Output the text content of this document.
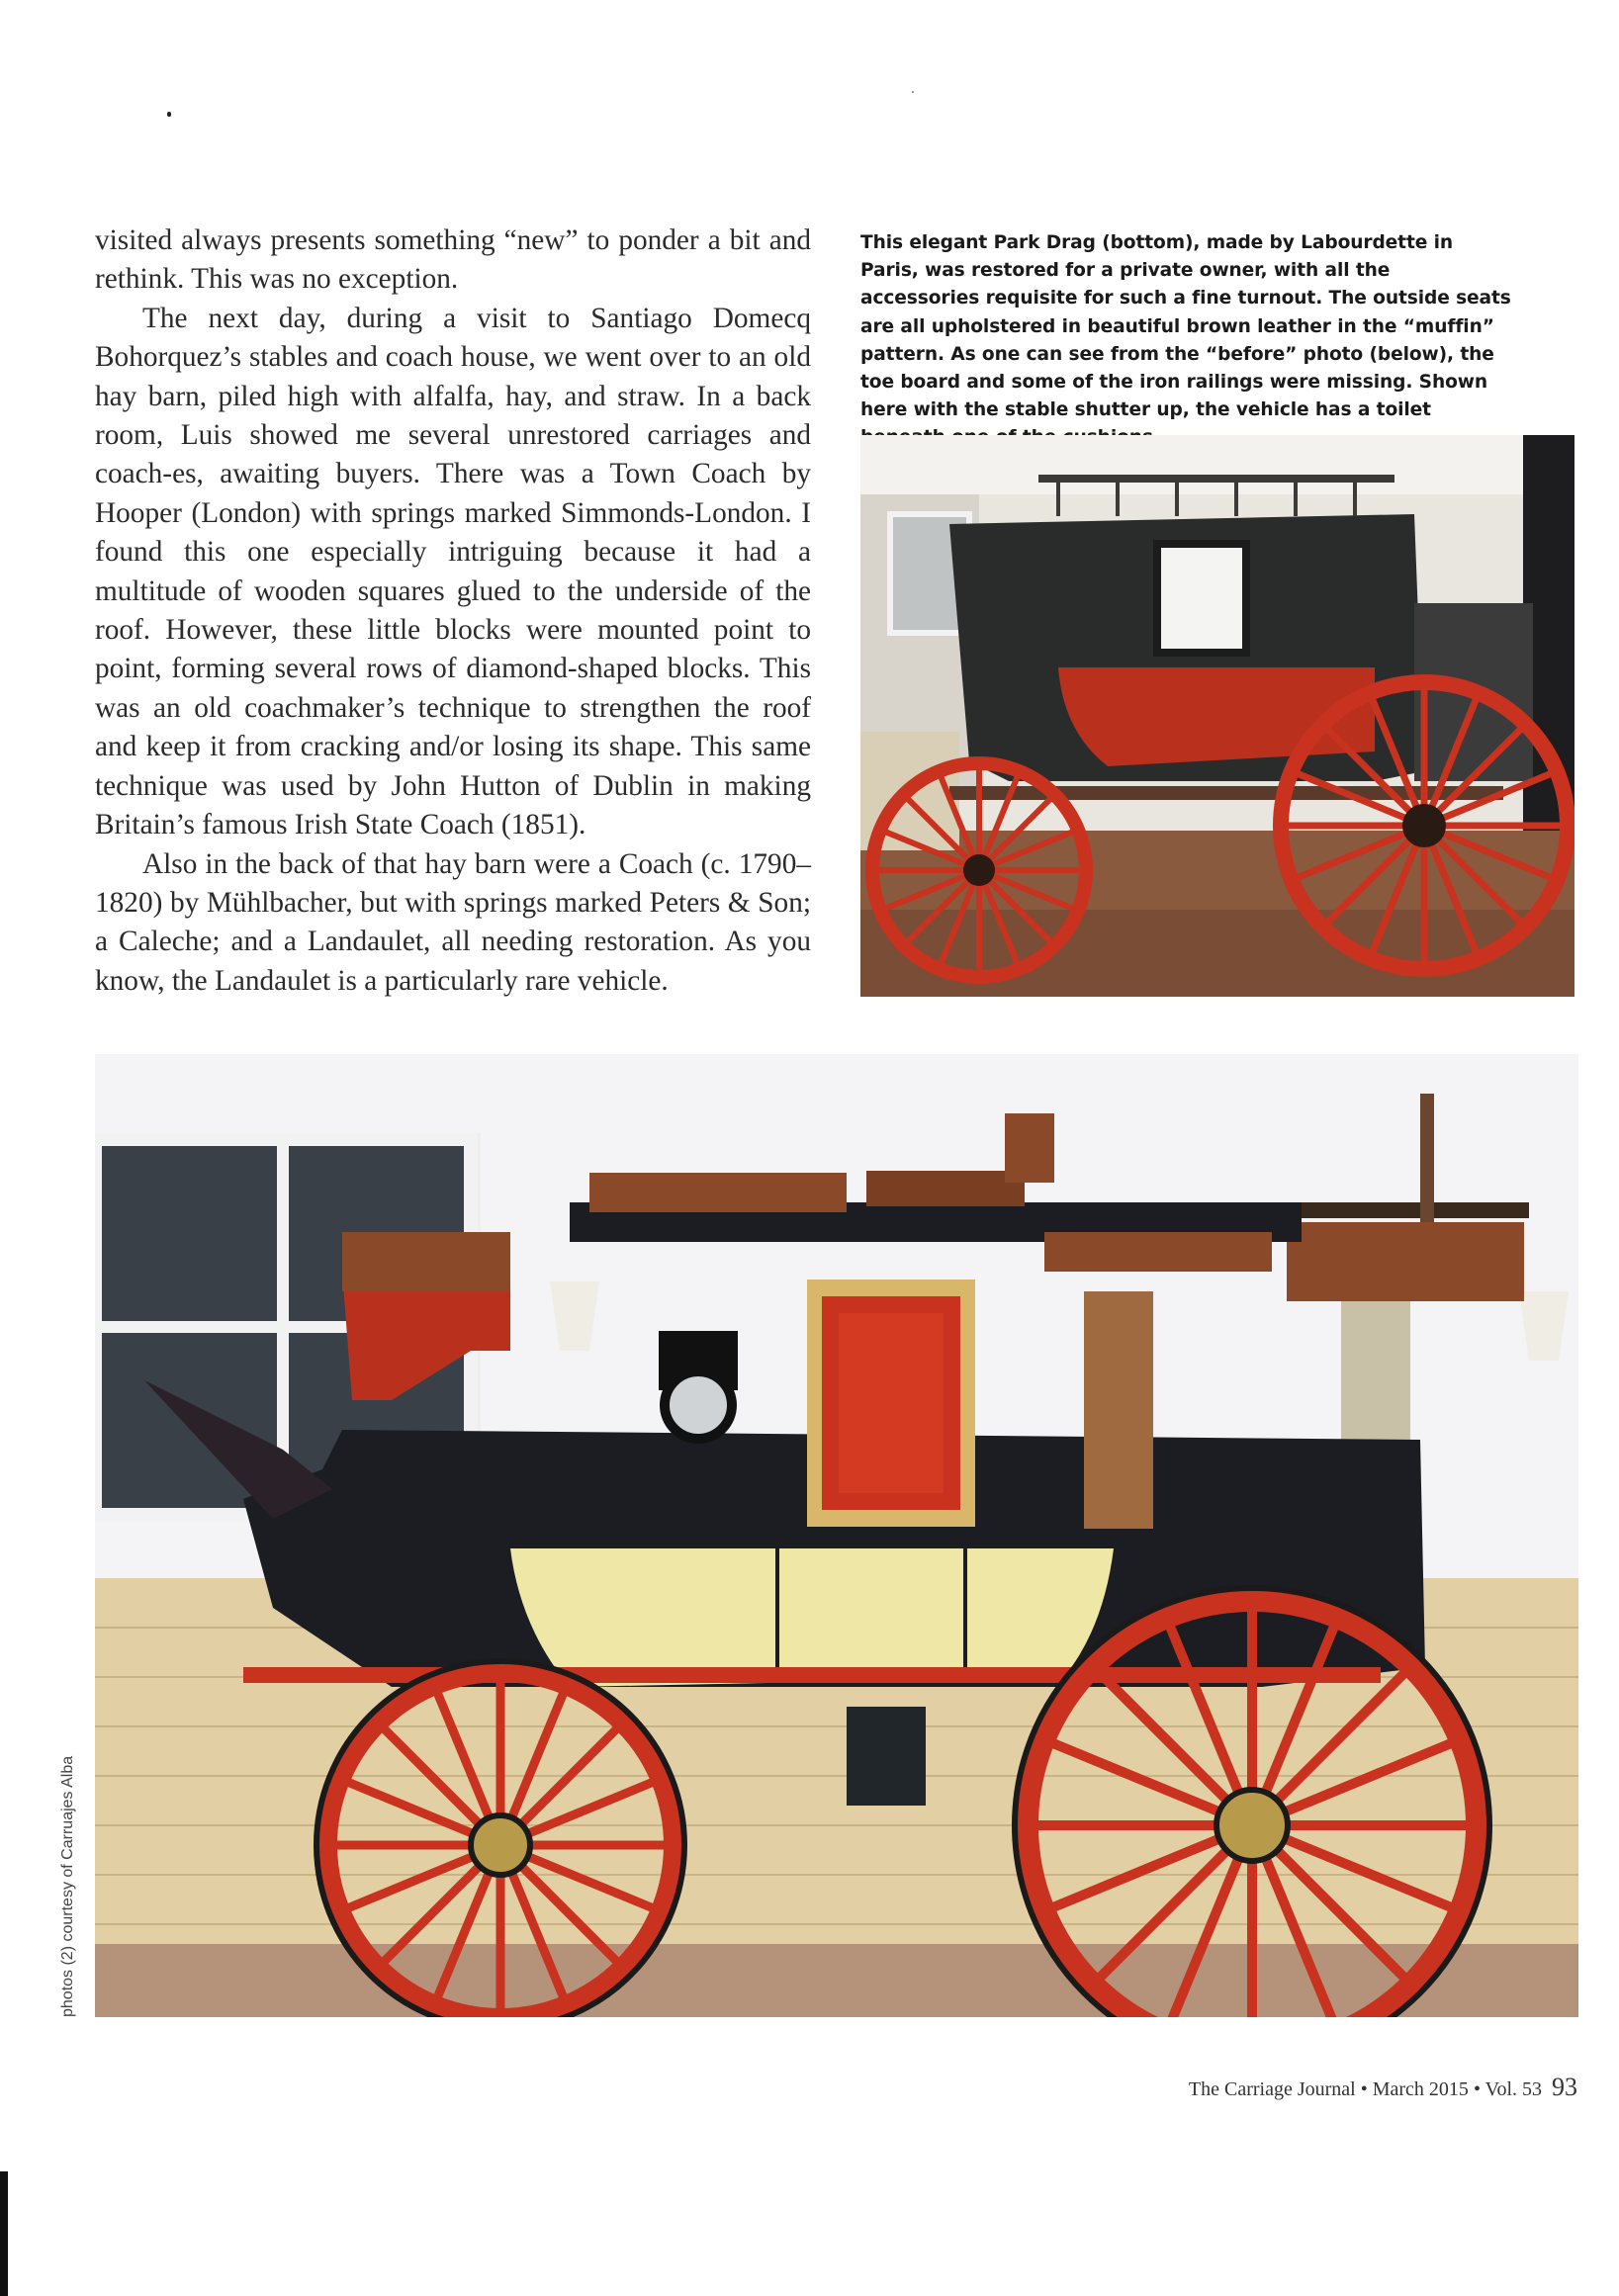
visited always presents something “new” to ponder a bit and rethink. This was no exception.

The next day, during a visit to Santiago Domecq Bohorquez’s stables and coach house, we went over to an old hay barn, piled high with alfalfa, hay, and straw. In a back room, Luis showed me several unrestored carriages and coach-es, awaiting buyers. There was a Town Coach by Hooper (London) with springs marked Simmonds-London. I found this one especially intriguing because it had a multitude of wooden squares glued to the underside of the roof. However, these little blocks were mounted point to point, forming several rows of diamond-shaped blocks. This was an old coachmaker’s technique to strengthen the roof and keep it from cracking and/or losing its shape. This same technique was used by John Hutton of Dublin in making Britain’s famous Irish State Coach (1851).

Also in the back of that hay barn were a Coach (c. 1790–1820) by Mühlbacher, but with springs marked Peters & Son; a Caleche; and a Landaulet, all needing restoration. As you know, the Landaulet is a particularly rare vehicle.

This elegant Park Drag (bottom), made by Labourdette in Paris, was restored for a private owner, with all the accessories requisite for such a fine turnout. The outside seats are all upholstered in beautiful brown leather in the “muffin” pattern. As one can see from the “before” photo (below), the toe board and some of the iron railings were missing. Shown here with the stable shutter up, the vehicle has a toilet
photos (2) courtesy of Carruajes Alba
The Carriage Journal • March 2015 • Vol. 53 93
